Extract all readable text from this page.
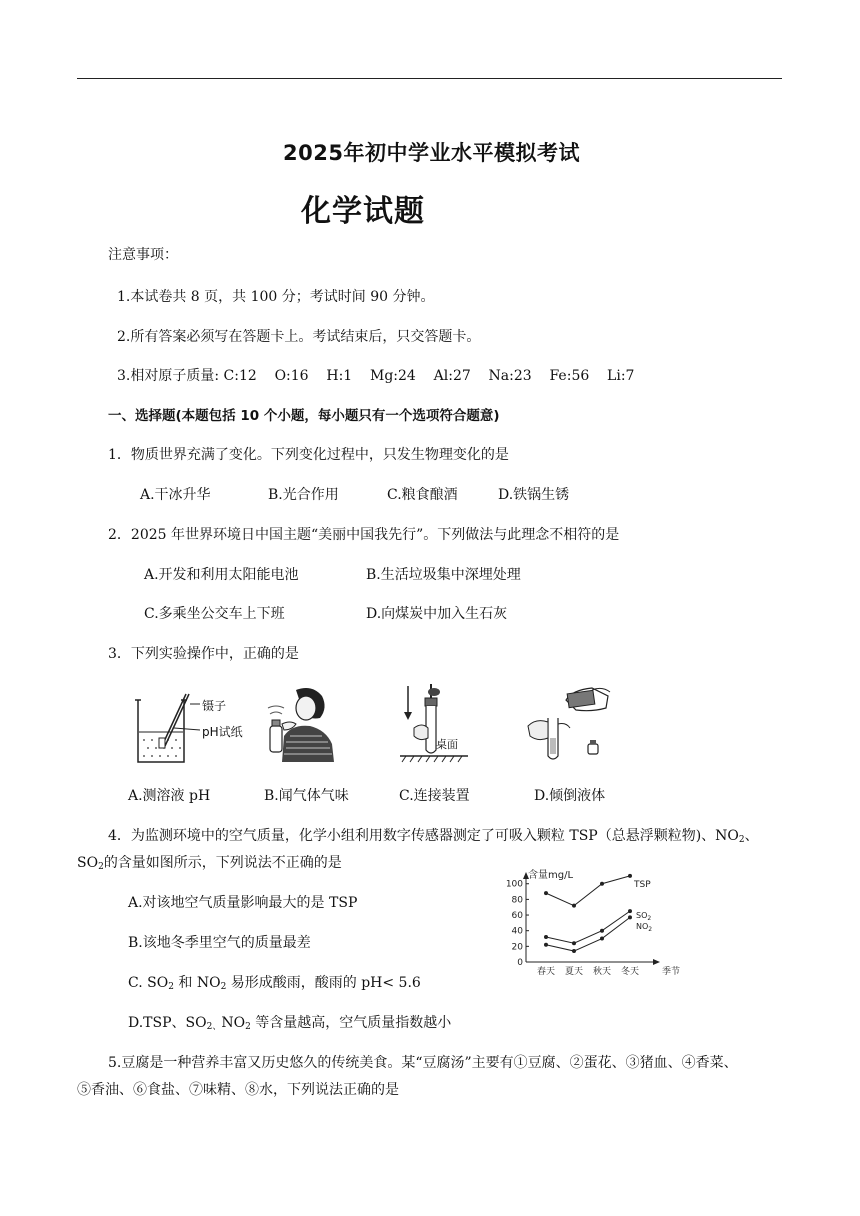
2025年初中学业水平模拟考试
化学试题
注意事项：
1.本试卷共 8 页，共 100 分；考试时间 90 分钟。
2.所有答案必须写在答题卡上。考试结束后，只交答题卡。
3.相对原子质量: C:12    O:16    H:1    Mg:24    Al:27    Na:23    Fe:56    Li:7
一、选择题(本题包括 10 个小题，每小题只有一个选项符合题意)
1．物质世界充满了变化。下列变化过程中，只发生物理变化的是
A.干冰升华	B.光合作用	C.粮食酿酒	D.铁锅生锈
2．2025 年世界环境日中国主题“美丽中国我先行”。下列做法与此理念不相符的是
A.开发和利用太阳能电池	B.生活垃圾集中深埋处理
C.多乘坐公交车上下班	D.向煤炭中加入生石灰
3．下列实验操作中，正确的是
镊子
pH试纸
桌面
A.测溶液 pH	B.闻气体气味	C.连接装置	D.倾倒液体
4．为监测环境中的空气质量，化学小组利用数字传感器测定了可吸入颗粒 TSP（总悬浮颗粒物)、$NO_2$、
$SO_2$的含量如图所示，下列说法不正确的是
A.对该地空气质量影响最大的是 TSP
B.该地冬季里空气的质量最差
C. $SO_2$ 和 $NO_2$ 易形成酸雨，酸雨的 pH< 5.6
D.TSP、$SO_{2、}NO_2$ 等含量越高，空气质量指数越小
含量mg/L
季节
0
20
40
60
80
100
春天 夏天 秋天 冬天
TSP
$SO_2$
$NO_2$
5.豆腐是一种营养丰富又历史悠久的传统美食。某“豆腐汤”主要有①豆腐、②蛋花、③猪血、④香菜、
⑤香油、⑥食盐、⑦味精、⑧水，下列说法正确的是
